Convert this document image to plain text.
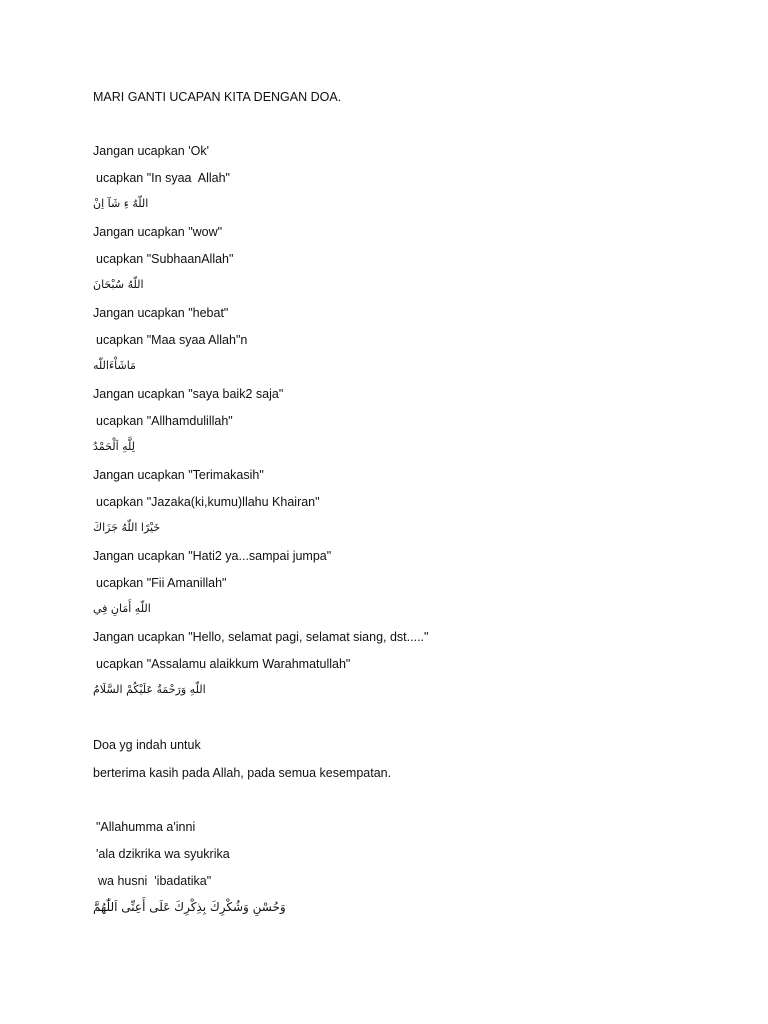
MARI GANTI UCAPAN KITA DENGAN DOA.
Jangan ucapkan 'Ok'
ucapkan "In syaa  Allah"
اللّهٌ ءِ شَآ اِنْ
Jangan ucapkan "wow"
ucapkan "SubhaanAllah"
اللّهُ سُبْحَانَ
Jangan ucapkan "hebat"
ucapkan "Maa syaa Allah"n
مَاشَاْءَاللّه
Jangan ucapkan "saya baik2 saja"
ucapkan "Allhamdulillah"
لِلَّهِ اَلْحَمْدُ
Jangan ucapkan "Terimakasih"
ucapkan "Jazaka(ki,kumu)llahu Khairan"
خَيْرًا اللّهُ جَزَاكَ
Jangan ucapkan "Hati2 ya...sampai jumpa"
ucapkan "Fii Amanillah"
اللّهِ أَمَانِ فِي
Jangan ucapkan "Hello, selamat pagi, selamat siang, dst....."
ucapkan "Assalamu alaikkum Warahmatullah"
اللّهِ وَرَحْمَةُ عَلَيْكُمْ السَّلَامُ
Doa yg indah untuk
berterima kasih pada Allah, pada semua kesempatan.
"Allahumma a'inni
'ala dzikrika wa syukrika
wa husni  'ibadatika"
وَحُسْنِ وَشُكْرِكَ بِذِكْرِكَ عَلَى أَعِنِّى اَللّٰهُمَّ
